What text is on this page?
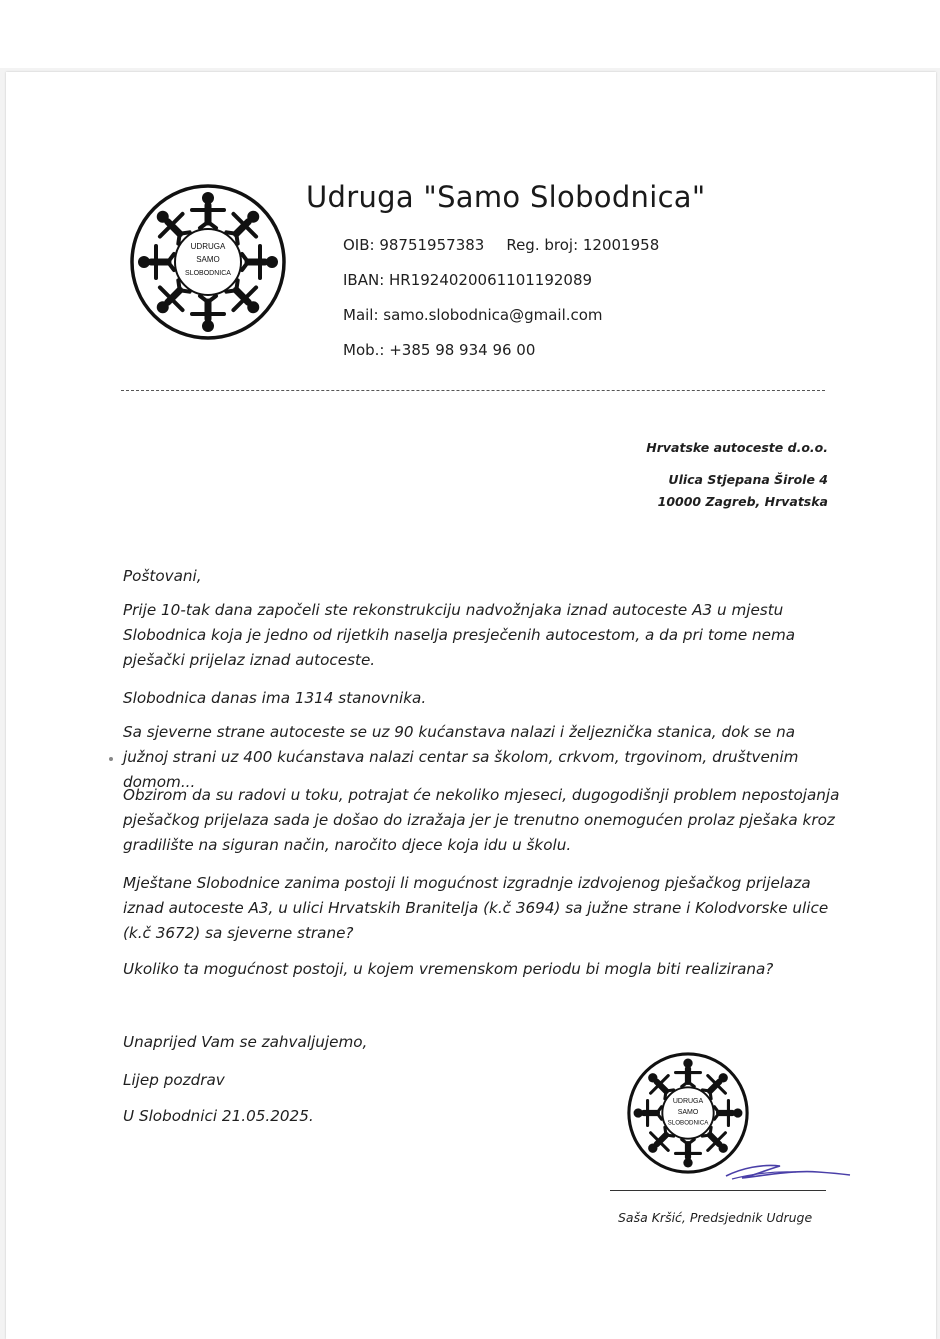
UDRUGA
SAMO
SLOBODNICA
Udruga "Samo Slobodnica"
OIB: 98751957383 Reg. broj: 12001958
IBAN: HR1924020061101192089
Mail: samo.slobodnica@gmail.com
Mob.: +385 98 934 96 00
Hrvatske autoceste d.o.o.
Ulica Stjepana Širole 4
10000 Zagreb, Hrvatska
Poštovani,
Prije 10-tak dana započeli ste rekonstrukciju nadvožnjaka iznad autoceste A3 u mjestu Slobodnica koja je jedno od rijetkih naselja presječenih autocestom, a da pri tome nema pješački prijelaz iznad autoceste.
Slobodnica danas ima 1314 stanovnika.
Sa sjeverne strane autoceste se uz 90 kućanstava nalazi i željeznička stanica, dok se na južnoj strani uz 400 kućanstava nalazi centar sa školom, crkvom, trgovinom, društvenim domom...
Obzirom da su radovi u toku, potrajat će nekoliko mjeseci, dugogodišnji problem nepostojanja pješačkog prijelaza sada je došao do izražaja jer je trenutno onemogućen prolaz pješaka kroz gradilište na siguran način, naročito djece koja idu u školu.
Mještane Slobodnice zanima postoji li mogućnost izgradnje izdvojenog pješačkog prijelaza iznad autoceste A3, u ulici Hrvatskih Branitelja (k.č 3694) sa južne strane i Kolodvorske ulice (k.č 3672) sa sjeverne strane?
Ukoliko ta mogućnost postoji, u kojem vremenskom periodu bi mogla biti realizirana?
Unaprijed Vam se zahvaljujemo,
Lijep pozdrav
U Slobodnici 21.05.2025.
UDRUGA
SAMO
SLOBODNICA
Saša Kršić, Predsjednik Udruge
